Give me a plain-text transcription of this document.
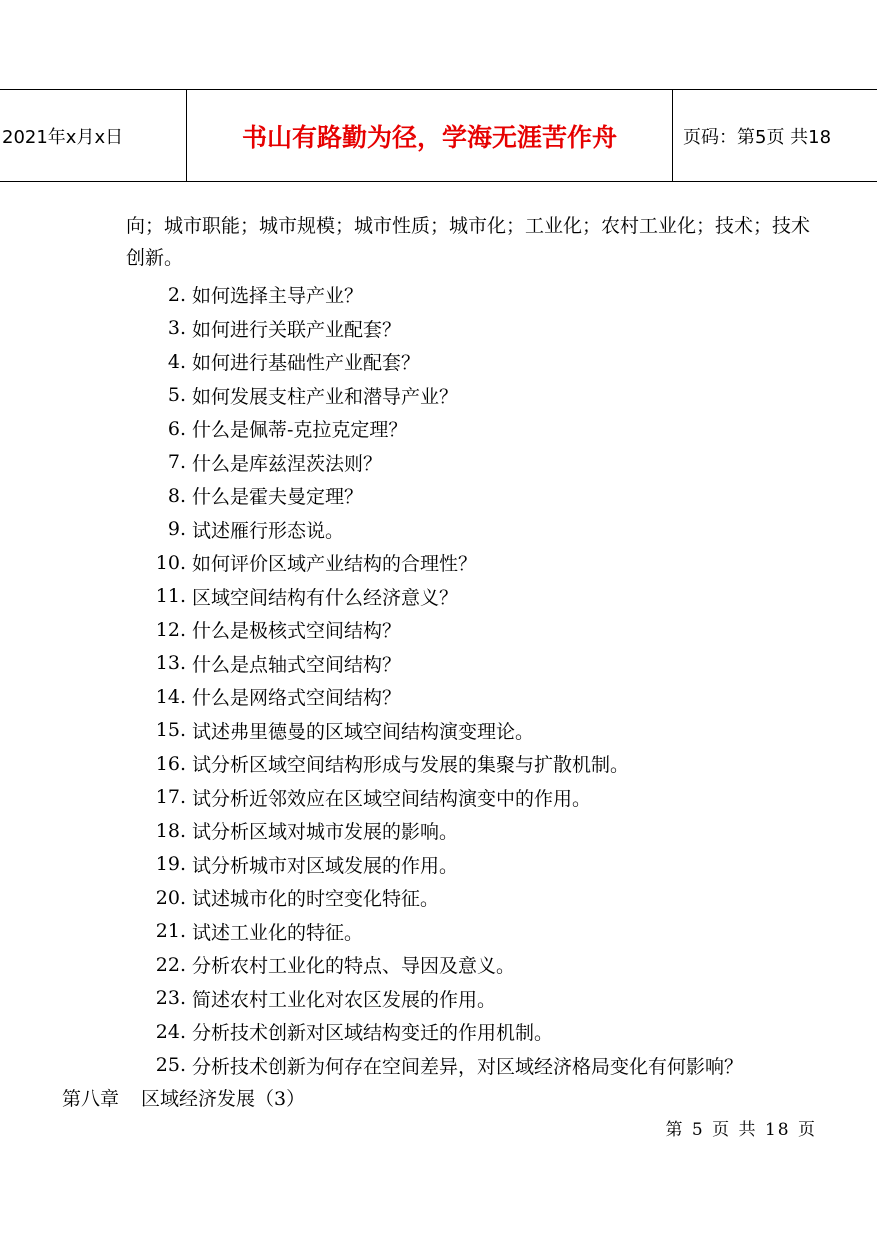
2021年x月x日	书山有路勤为径，学海无涯苦作舟	页码：第5页 共18
向；城市职能；城市规模；城市性质；城市化；工业化；农村工业化；技术；技术创新。
2. 如何选择主导产业？
3. 如何进行关联产业配套？
4. 如何进行基础性产业配套？
5. 如何发展支柱产业和潜导产业？
6. 什么是佩蒂-克拉克定理？
7. 什么是库兹涅茨法则？
8. 什么是霍夫曼定理？
9. 试述雁行形态说。
10. 如何评价区域产业结构的合理性？
11. 区域空间结构有什么经济意义？
12. 什么是极核式空间结构？
13. 什么是点轴式空间结构？
14. 什么是网络式空间结构？
15. 试述弗里德曼的区域空间结构演变理论。
16. 试分析区域空间结构形成与发展的集聚与扩散机制。
17. 试分析近邻效应在区域空间结构演变中的作用。
18. 试分析区域对城市发展的影响。
19. 试分析城市对区域发展的作用。
20. 试述城市化的时空变化特征。
21. 试述工业化的特征。
22. 分析农村工业化的特点、导因及意义。
23. 简述农村工业化对农区发展的作用。
24. 分析技术创新对区域结构变迁的作用机制。
25. 分析技术创新为何存在空间差异，对区域经济格局变化有何影响？
第八章 区域经济发展（3）
第 5 页 共 18 页
